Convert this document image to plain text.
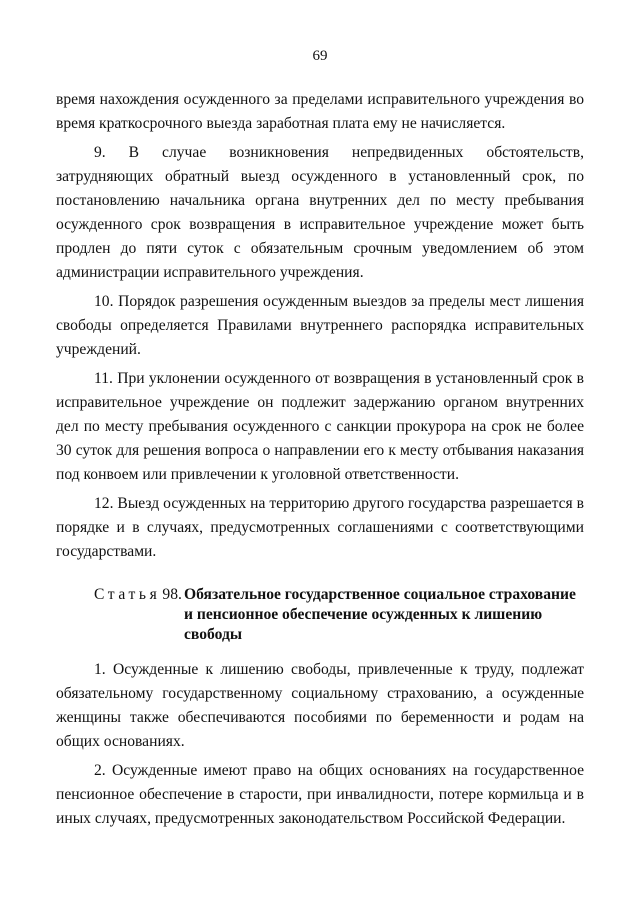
69

время нахождения осужденного за пределами исправительного учреждения во время краткосрочного выезда заработная плата ему не начисляется.

9. В случае возникновения непредвиденных обстоятельств, затрудняющих обратный выезд осужденного в установленный срок, по постановлению начальника органа внутренних дел по месту пребывания осужденного срок возвращения в исправительное учреждение может быть продлен до пяти суток с обязательным срочным уведомлением об этом администрации исправительного учреждения.

10. Порядок разрешения осужденным выездов за пределы мест лишения свободы определяется Правилами внутреннего распорядка исправительных учреждений.

11. При уклонении осужденного от возвращения в установленный срок в исправительное учреждение он подлежит задержанию органом внутренних дел по месту пребывания осужденного с санкции прокурора на срок не более 30 суток для решения вопроса о направлении его к месту отбывания наказания под конвоем или привлечении к уголовной ответственности.

12. Выезд осужденных на территорию другого государства разрешается в порядке и в случаях, предусмотренных соглашениями с соответствующими государствами.

Статья 98. Обязательное государственное социальное страхование и пенсионное обеспечение осужденных к лишению свободы

1. Осужденные к лишению свободы, привлеченные к труду, подлежат обязательному государственному социальному страхованию, а осужденные женщины также обеспечиваются пособиями по беременности и родам на общих основаниях.

2. Осужденные имеют право на общих основаниях на государственное пенсионное обеспечение в старости, при инвалидности, потере кормильца и в иных случаях, предусмотренных законодательством Российской Федерации.
